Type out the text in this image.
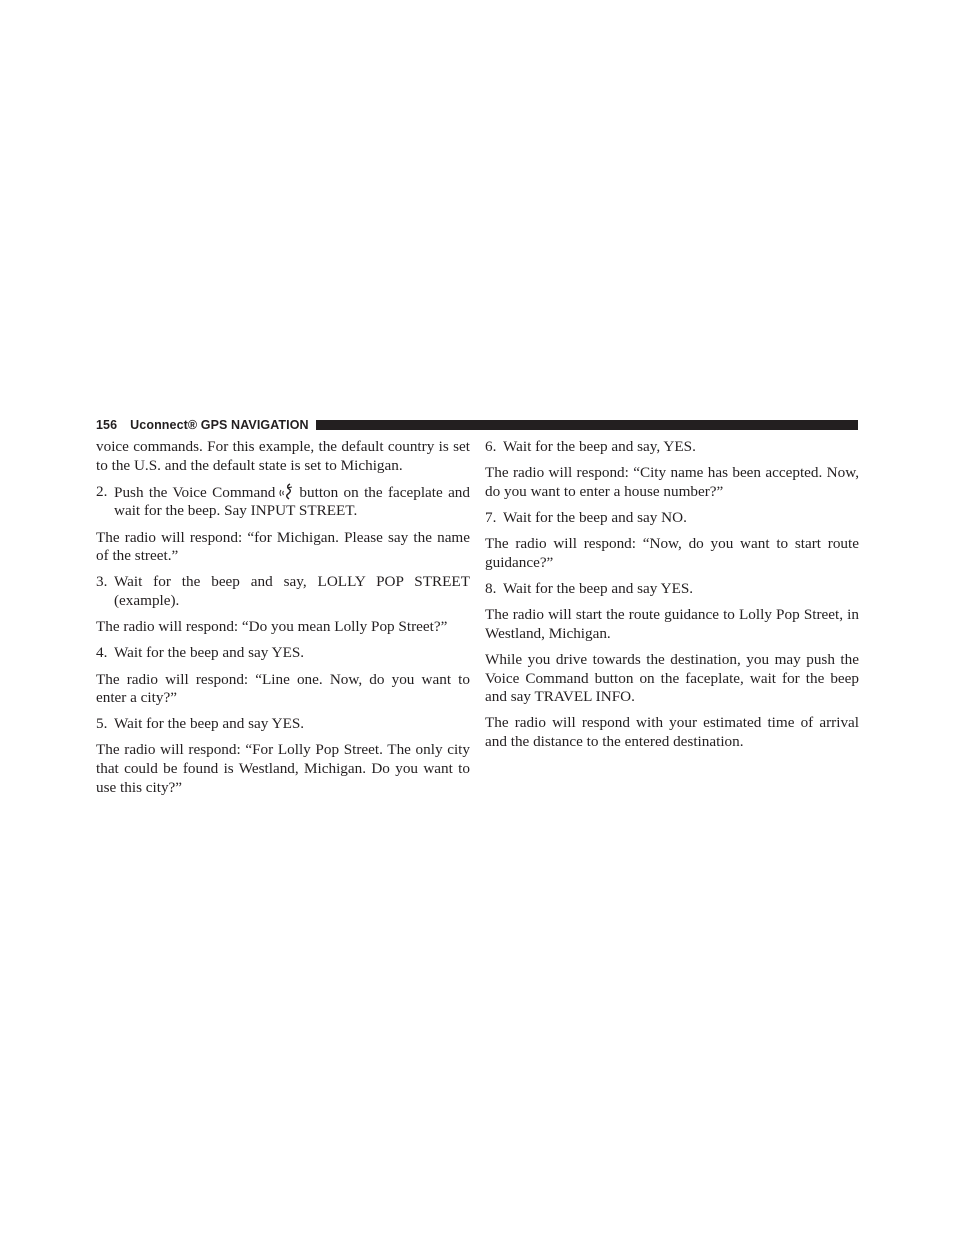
156 Uconnect® GPS NAVIGATION

voice commands. For this example, the default country is set to the U.S. and the default state is set to Michigan.

2. Push the Voice Command button on the faceplate and wait for the beep. Say INPUT STREET.

The radio will respond: “for Michigan. Please say the name of the street.”

3. Wait for the beep and say, LOLLY POP STREET (example).

The radio will respond: “Do you mean Lolly Pop Street?”

4. Wait for the beep and say YES.

The radio will respond: “Line one. Now, do you want to enter a city?”

5. Wait for the beep and say YES.

The radio will respond: “For Lolly Pop Street. The only city that could be found is Westland, Michigan. Do you want to use this city?”

6. Wait for the beep and say, YES.

The radio will respond: “City name has been accepted. Now, do you want to enter a house number?”

7. Wait for the beep and say NO.

The radio will respond: “Now, do you want to start route guidance?”

8. Wait for the beep and say YES.

The radio will start the route guidance to Lolly Pop Street, in Westland, Michigan.

While you drive towards the destination, you may push the Voice Command button on the faceplate, wait for the beep and say TRAVEL INFO.

The radio will respond with your estimated time of arrival and the distance to the entered destination.
